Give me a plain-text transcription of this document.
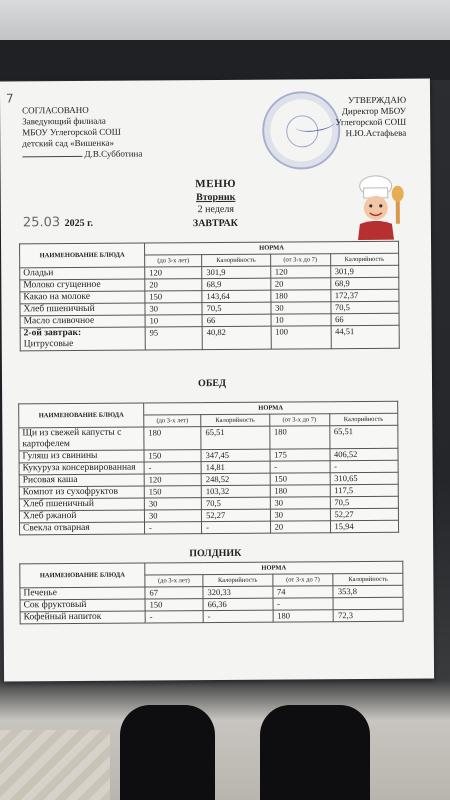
7
СОГЛАСОВАНО
Заведующий филиала
МБОУ Углегорской СОШ
детский сад «Вишенка»
Д.В.Субботина
УТВЕРЖДАЮ
Директор МБОУ
Углегорской СОШ
Н.Ю.Астафьева
МЕНЮ
Вторник
2 неделя
25.03 2025 г.	ЗАВТРАК
НАИМЕНОВАНИЕ БЛЮДА	НОРМА			
	(до 3-х лет)	Калорийность	(от 3-х до 7)	Калорийность
Оладьи	120	301,9	120	301,9
Молоко сгущенное	20	68,9	20	68,9
Какао на молоке	150	143,64	180	172,37
Хлеб пшеничный	30	70,5	30	70,5
Масло сливочное	10	66	10	66

2-ой завтрак:
Цитрусовые	95	40,82	100	44,51
ОБЕД
НАИМЕНОВАНИЕ БЛЮДА	НОРМА			
	(до 3-х лет)	Калорийность	(от 3-х до 7)	Калорийность
Щи из свежей капусты с картофелем	180	65,51	180	65,51
Гуляш из свинины	150	347,45	175	406,52
Кукуруза консервированная	-	14,81	-	-
Рисовая каша	120	248,52	150	310,65
Компот из сухофруктов	150	103,32	180	117,5
Хлеб пшеничный	30	70,5	30	70,5
Хлеб ржаной	30	52,27	30	52,27
Свекла отварная	-	-	20	15,94
ПОЛДНИК
НАИМЕНОВАНИЕ БЛЮДА	НОРМА			
	(до 3-х лет)	Калорийность	(от 3-х до 7)	Калорийность
Печенье	67	320,33	74	353,8
Сок фруктовый	150	66,36	-	
Кофейный напиток	-	-	180	72,3
